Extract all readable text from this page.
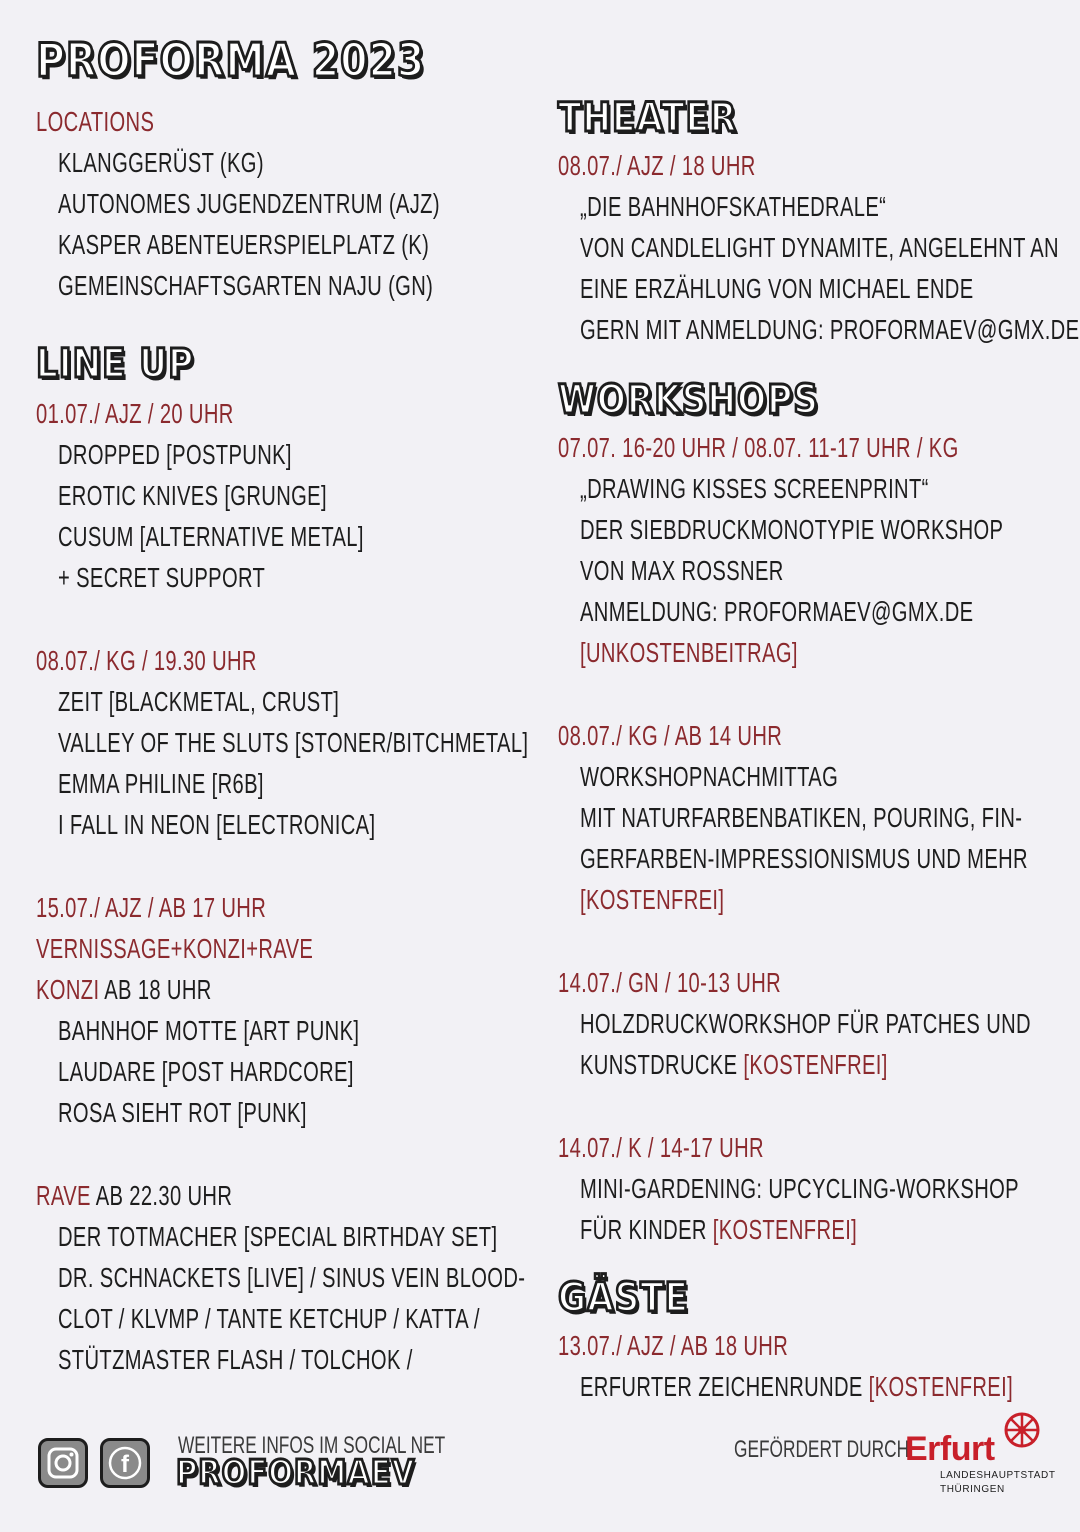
PROFORMA 2023
LOCATIONS
KLANGGERÜST (KG)
AUTONOMES JUGENDZENTRUM (AJZ)
KASPER ABENTEUERSPIELPLATZ (K)
GEMEINSCHAFTSGARTEN NAJU (GN)
LINE UP
01.07./ AJZ / 20 UHR
DROPPED [POSTPUNK]
EROTIC KNIVES [GRUNGE]
CUSUM [ALTERNATIVE METAL]
+ SECRET SUPPORT
08.07./ KG / 19.30 UHR
ZEIT [BLACKMETAL, CRUST]
VALLEY OF THE SLUTS [STONER/BITCHMETAL]
EMMA PHILINE [R6B]
I FALL IN NEON [ELECTRONICA]
15.07./ AJZ / AB 17 UHR
VERNISSAGE+KONZI+RAVE
KONZI AB 18 UHR
BAHNHOF MOTTE [ART PUNK]
LAUDARE [POST HARDCORE]
ROSA SIEHT ROT [PUNK]
RAVE AB 22.30 UHR
DER TOTMACHER [SPECIAL BIRTHDAY SET]
DR. SCHNACKETS [LIVE] / SINUS VEIN BLOOD-
CLOT / KLVMP / TANTE KETCHUP / KATTA /
STÜTZMASTER FLASH / TOLCHOK /
THEATER
08.07./ AJZ / 18 UHR
„DIE BAHNHOFSKATHEDRALE“
VON CANDLELIGHT DYNAMITE, ANGELEHNT AN
EINE ERZÄHLUNG VON MICHAEL ENDE
GERN MIT ANMELDUNG: PROFORMAEV@GMX.DE
WORKSHOPS
07.07. 16-20 UHR / 08.07. 11-17 UHR / KG
„DRAWING KISSES SCREENPRINT“
DER SIEBDRUCKMONOTYPIE WORKSHOP
VON MAX ROSSNER
ANMELDUNG: PROFORMAEV@GMX.DE
[UNKOSTENBEITRAG]
08.07./ KG / AB 14 UHR
WORKSHOPNACHMITTAG
MIT NATURFARBENBATIKEN, POURING, FIN-
GERFARBEN-IMPRESSIONISMUS UND MEHR
[KOSTENFREI]
14.07./ GN / 10-13 UHR
HOLZDRUCKWORKSHOP FÜR PATCHES UND
KUNSTDRUCKE [KOSTENFREI]
14.07./ K / 14-17 UHR
MINI-GARDENING: UPCYCLING-WORKSHOP
FÜR KINDER [KOSTENFREI]
GÄSTE
13.07./ AJZ / AB 18 UHR
ERFURTER ZEICHENRUNDE [KOSTENFREI]
f
WEITERE INFOS IM SOCIAL NET
PROFORMAEV
GEFÖRDERT DURCH
Erfurt
LANDESHAUPTSTADT
THÜRINGEN
